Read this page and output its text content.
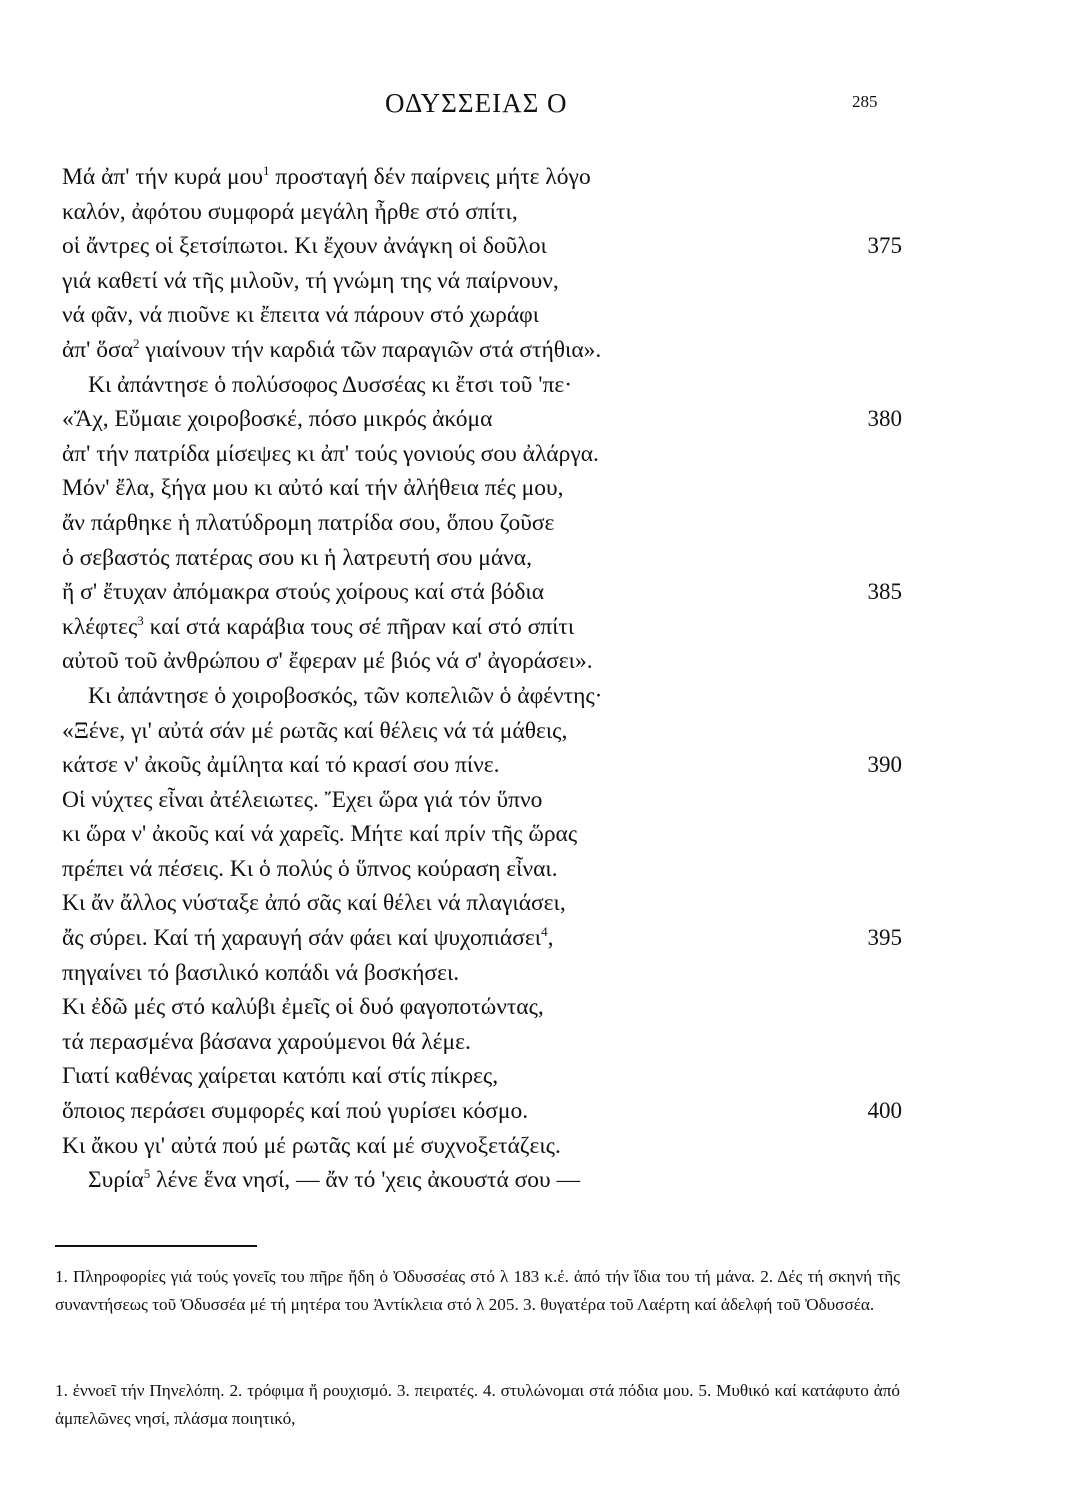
ΟΔΥΣΣΕΙΑΣ Ο	285
Μά ἀπ' τήν κυρά μου$^1$ προσταγή δέν παίρνεις μήτε λόγο
καλόν, ἀφότου συμφορά μεγάλη ἦρθε στό σπίτι,
οἱ ἄντρες οἱ ξετσίπωτοι. Κι ἔχουν ἀνάγκη οἱ δοῦλοι	375
γιά καθετί νά τῆς μιλοῦν, τή γνώμη της νά παίρνουν,
νά φᾶν, νά πιοῦνε κι ἔπειτα νά πάρουν στό χωράφι
ἀπ' ὅσα$^2$ γιαίνουν τήν καρδιά τῶν παραγιῶν στά στήθια».
Κι ἀπάντησε ὁ πολύσοφος Δυσσέας κι ἔτσι τοῦ 'πε·
«Ἄχ, Εὔμαιε χοιροβοσκέ, πόσο μικρός ἀκόμα	380
ἀπ' τήν πατρίδα μίσεψες κι ἀπ' τούς γονιούς σου ἀλάργα.
Μόν' ἔλα, ξήγα μου κι αὐτό καί τήν ἀλήθεια πές μου,
ἄν πάρθηκε ἡ πλατύδρομη πατρίδα σου, ὅπου ζοῦσε
ὁ σεβαστός πατέρας σου κι ἡ λατρευτή σου μάνα,
ἤ σ' ἔτυχαν ἀπόμακρα στούς χοίρους καί στά βόδια	385
κλέφτες$^3$ καί στά καράβια τους σέ πῆραν καί στό σπίτι
αὐτοῦ τοῦ ἀνθρώπου σ' ἔφεραν μέ βιός νά σ' ἀγοράσει».
Κι ἀπάντησε ὁ χοιροβοσκός, τῶν κοπελιῶν ὁ ἀφέντης·
«Ξένε, γι' αὐτά σάν μέ ρωτᾶς καί θέλεις νά τά μάθεις,
κάτσε ν' ἀκοῦς ἀμίλητα καί τό κρασί σου πίνε.	390
Οἱ νύχτες εἶναι ἀτέλειωτες. Ἔχει ὥρα γιά τόν ὕπνο
κι ὥρα ν' ἀκοῦς καί νά χαρεῖς. Μήτε καί πρίν τῆς ὥρας
πρέπει νά πέσεις. Κι ὁ πολύς ὁ ὕπνος κούραση εἶναι.
Κι ἄν ἄλλος νύσταξε ἀπό σᾶς καί θέλει νά πλαγιάσει,
ἄς σύρει. Καί τή χαραυγή σάν φάει καί ψυχοπιάσει$^4$,	395
πηγαίνει τό βασιλικό κοπάδι νά βοσκήσει.
Κι ἐδῶ μές στό καλύβι ἐμεῖς οἱ δυό φαγοποτώντας,
τά περασμένα βάσανα χαρούμενοι θά λέμε.
Γιατί καθένας χαίρεται κατόπι καί στίς πίκρες,
ὅποιος περάσει συμφορές καί πού γυρίσει κόσμο.	400
Κι ἄκου γι' αὐτά πού μέ ρωτᾶς καί μέ συχνοξετάζεις.
Συρία$^5$ λένε ἕνα νησί, — ἄν τό 'χεις ἀκουστά σου —

1. Πληροφορίες γιά τούς γονεῖς του πῆρε ἤδη ὁ Ὀδυσσέας στό λ 183 κ.έ. ἀπό τήν ἴδια του τή μάνα. 2. Δές τή σκηνή τῆς συναντήσεως τοῦ Ὀδυσσέα μέ τή μητέρα του Ἀντίκλεια στό λ 205. 3. θυγατέρα τοῦ Λαέρτη καί ἀδελφή τοῦ Ὀδυσσέα.

1. ἐννοεῖ τήν Πηνελόπη. 2. τρόφιμα ἤ ρουχισμό. 3. πειρατές. 4. στυλώνομαι στά πόδια μου. 5. Μυθικό καί κατάφυτο ἀπό ἀμπελῶνες νησί, πλάσμα ποιητικό,
